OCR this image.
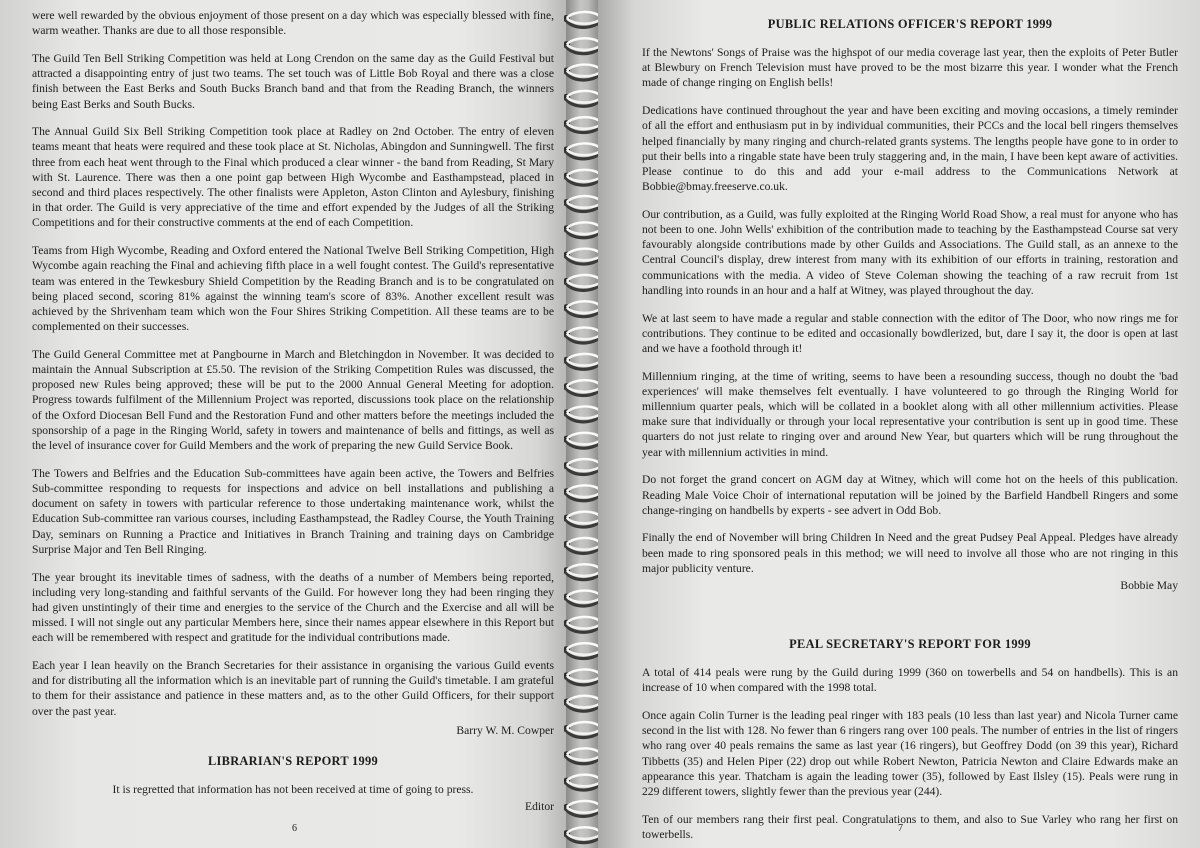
were well rewarded by the obvious enjoyment of those present on a day which was especially blessed with fine, warm weather. Thanks are due to all those responsible.

The Guild Ten Bell Striking Competition was held at Long Crendon on the same day as the Guild Festival but attracted a disappointing entry of just two teams. The set touch was of Little Bob Royal and there was a close finish between the East Berks and South Bucks Branch band and that from the Reading Branch, the winners being East Berks and South Bucks.

The Annual Guild Six Bell Striking Competition took place at Radley on 2nd October. The entry of eleven teams meant that heats were required and these took place at St. Nicholas, Abingdon and Sunningwell. The first three from each heat went through to the Final which produced a clear winner - the band from Reading, St Mary with St. Laurence. There was then a one point gap between High Wycombe and Easthampstead, placed in second and third places respectively. The other finalists were Appleton, Aston Clinton and Aylesbury, finishing in that order. The Guild is very appreciative of the time and effort expended by the Judges of all the Striking Competitions and for their constructive comments at the end of each Competition.

Teams from High Wycombe, Reading and Oxford entered the National Twelve Bell Striking Competition, High Wycombe again reaching the Final and achieving fifth place in a well fought contest. The Guild's representative team was entered in the Tewkesbury Shield Competition by the Reading Branch and is to be congratulated on being placed second, scoring 81% against the winning team's score of 83%. Another excellent result was achieved by the Shrivenham team which won the Four Shires Striking Competition. All these teams are to be complemented on their successes.

The Guild General Committee met at Pangbourne in March and Bletchingdon in November. It was decided to maintain the Annual Subscription at £5.50. The revision of the Striking Competition Rules was discussed, the proposed new Rules being approved; these will be put to the 2000 Annual General Meeting for adoption. Progress towards fulfilment of the Millennium Project was reported, discussions took place on the relationship of the Oxford Diocesan Bell Fund and the Restoration Fund and other matters before the meetings included the sponsorship of a page in the Ringing World, safety in towers and maintenance of bells and fittings, as well as the level of insurance cover for Guild Members and the work of preparing the new Guild Service Book.

The Towers and Belfries and the Education Sub-committees have again been active, the Towers and Belfries Sub-committee responding to requests for inspections and advice on bell installations and publishing a document on safety in towers with particular reference to those undertaking maintenance work, whilst the Education Sub-committee ran various courses, including Easthampstead, the Radley Course, the Youth Training Day, seminars on Running a Practice and Initiatives in Branch Training and training days on Cambridge Surprise Major and Ten Bell Ringing.

The year brought its inevitable times of sadness, with the deaths of a number of Members being reported, including very long-standing and faithful servants of the Guild. For however long they had been ringing they had given unstintingly of their time and energies to the service of the Church and the Exercise and all will be missed. I will not single out any particular Members here, since their names appear elsewhere in this Report but each will be remembered with respect and gratitude for the individual contributions made.

Each year I lean heavily on the Branch Secretaries for their assistance in organising the various Guild events and for distributing all the information which is an inevitable part of running the Guild's timetable. I am grateful to them for their assistance and patience in these matters and, as to the other Guild Officers, for their support over the past year.

Barry W. M. Cowper
LIBRARIAN'S REPORT 1999

It is regretted that information has not been received at time of going to press.

Editor
6
PUBLIC RELATIONS OFFICER'S REPORT 1999

If the Newtons' Songs of Praise was the highspot of our media coverage last year, then the exploits of Peter Butler at Blewbury on French Television must have proved to be the most bizarre this year. I wonder what the French made of change ringing on English bells!

Dedications have continued throughout the year and have been exciting and moving occasions, a timely reminder of all the effort and enthusiasm put in by individual communities, their PCCs and the local bell ringers themselves helped financially by many ringing and church-related grants systems. The lengths people have gone to in order to put their bells into a ringable state have been truly staggering and, in the main, I have been kept aware of activities. Please continue to do this and add your e-mail address to the Communications Network at Bobbie@bmay.freeserve.co.uk.

Our contribution, as a Guild, was fully exploited at the Ringing World Road Show, a real must for anyone who has not been to one. John Wells' exhibition of the contribution made to teaching by the Easthampstead Course sat very favourably alongside contributions made by other Guilds and Associations. The Guild stall, as an annexe to the Central Council's display, drew interest from many with its exhibition of our efforts in training, restoration and communications with the media. A video of Steve Coleman showing the teaching of a raw recruit from 1st handling into rounds in an hour and a half at Witney, was played throughout the day.

We at last seem to have made a regular and stable connection with the editor of The Door, who now rings me for contributions. They continue to be edited and occasionally bowdlerized, but, dare I say it, the door is open at last and we have a foothold through it!

Millennium ringing, at the time of writing, seems to have been a resounding success, though no doubt the 'bad experiences' will make themselves felt eventually. I have volunteered to go through the Ringing World for millennium quarter peals, which will be collated in a booklet along with all other millennium activities. Please make sure that individually or through your local representative your contribution is sent up in good time. These quarters do not just relate to ringing over and around New Year, but quarters which will be rung throughout the year with millennium activities in mind.

Do not forget the grand concert on AGM day at Witney, which will come hot on the heels of this publication. Reading Male Voice Choir of international reputation will be joined by the Barfield Handbell Ringers and some change-ringing on handbells by experts - see advert in Odd Bob.

Finally the end of November will bring Children In Need and the great Pudsey Peal Appeal. Pledges have already been made to ring sponsored peals in this method; we will need to involve all those who are not ringing in this major publicity venture.

Bobbie May
PEAL SECRETARY'S REPORT FOR 1999

A total of 414 peals were rung by the Guild during 1999 (360 on towerbells and 54 on handbells). This is an increase of 10 when compared with the 1998 total.

Once again Colin Turner is the leading peal ringer with 183 peals (10 less than last year) and Nicola Turner came second in the list with 128. No fewer than 6 ringers rang over 100 peals. The number of entries in the list of ringers who rang over 40 peals remains the same as last year (16 ringers), but Geoffrey Dodd (on 39 this year), Richard Tibbetts (35) and Helen Piper (22) drop out while Robert Newton, Patricia Newton and Claire Edwards make an appearance this year. Thatcham is again the leading tower (35), followed by East Ilsley (15). Peals were rung in 229 different towers, slightly fewer than the previous year (244).

Ten of our members rang their first peal. Congratulations to them, and also to Sue Varley who rang her first on towerbells.	7
